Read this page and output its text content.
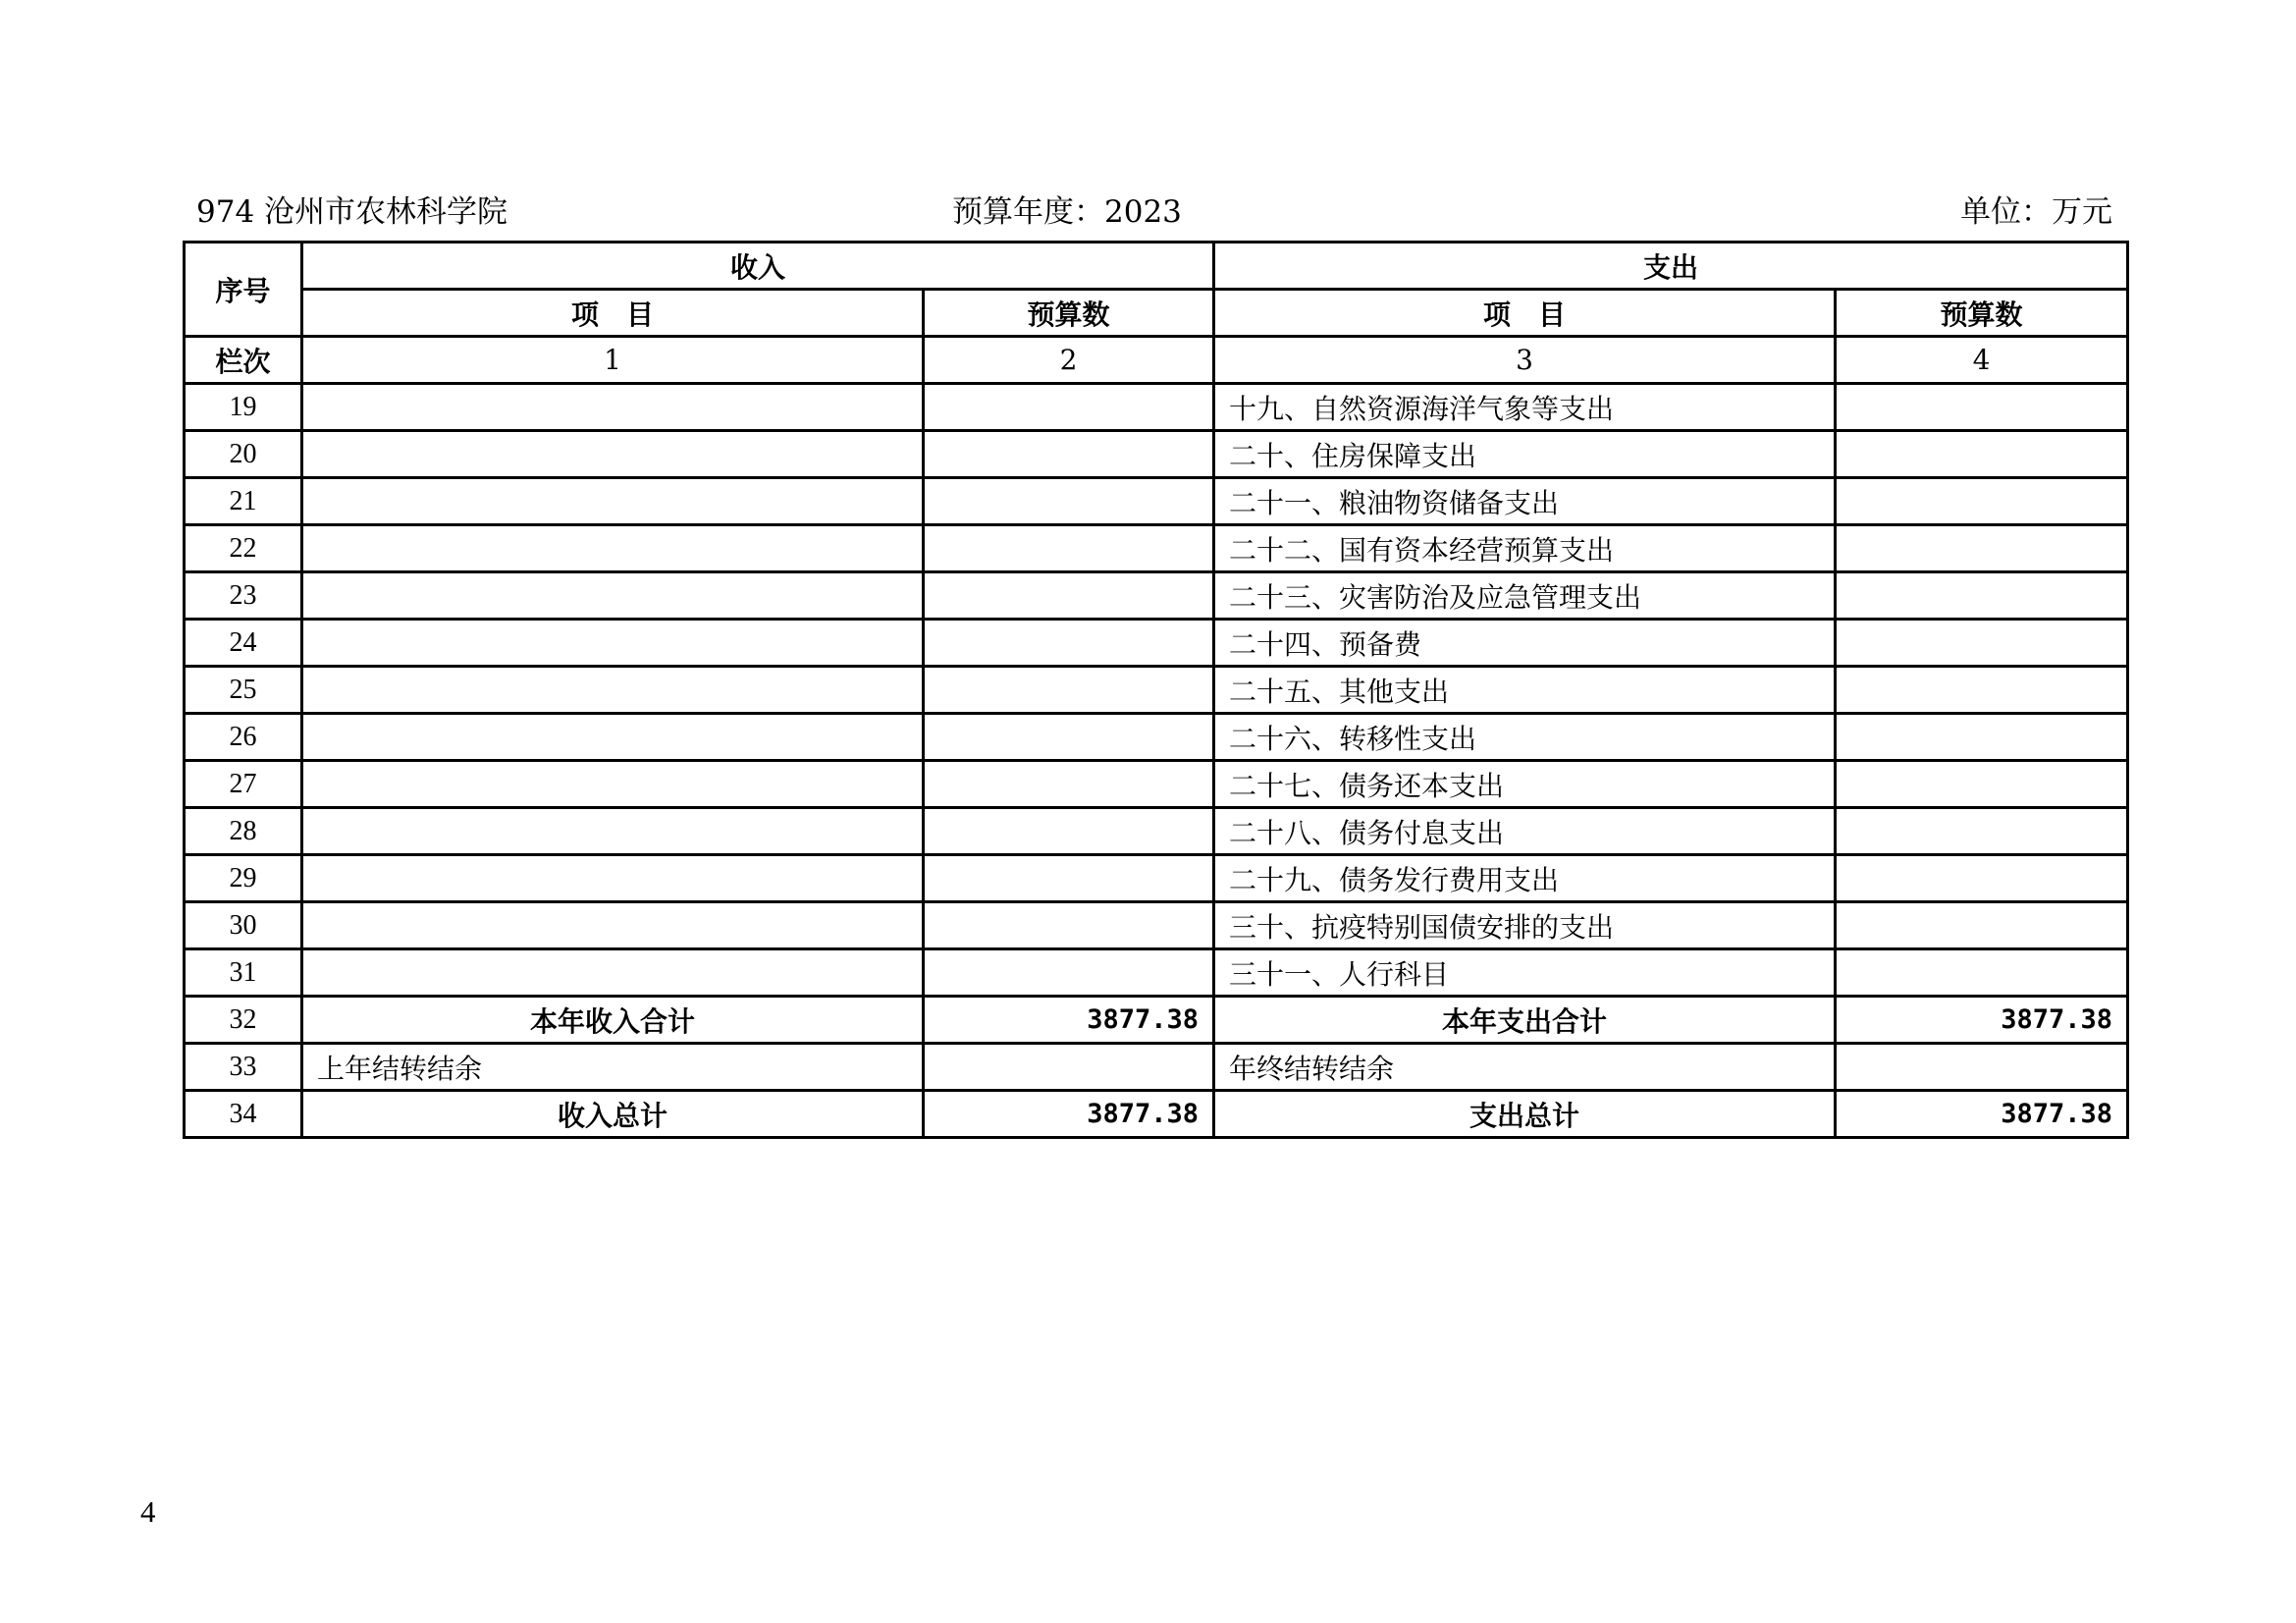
974 沧州市农林科学院	预算年度：2023	单位：万元
序号	收入		支出	
	项　目	预算数	项　目	预算数
栏次	1	2	3	4
19			十九、自然资源海洋气象等支出	
20			二十、住房保障支出	
21			二十一、粮油物资储备支出	
22			二十二、国有资本经营预算支出	
23			二十三、灾害防治及应急管理支出	
24			二十四、预备费	
25			二十五、其他支出	
26			二十六、转移性支出	
27			二十七、债务还本支出	
28			二十八、债务付息支出	
29			二十九、债务发行费用支出	
30			三十、抗疫特别国债安排的支出	
31			三十一、人行科目	
32	本年收入合计	3877.38	本年支出合计	3877.38
33	上年结转结余		年终结转结余	
34	收入总计	3877.38	支出总计	3877.38
4
